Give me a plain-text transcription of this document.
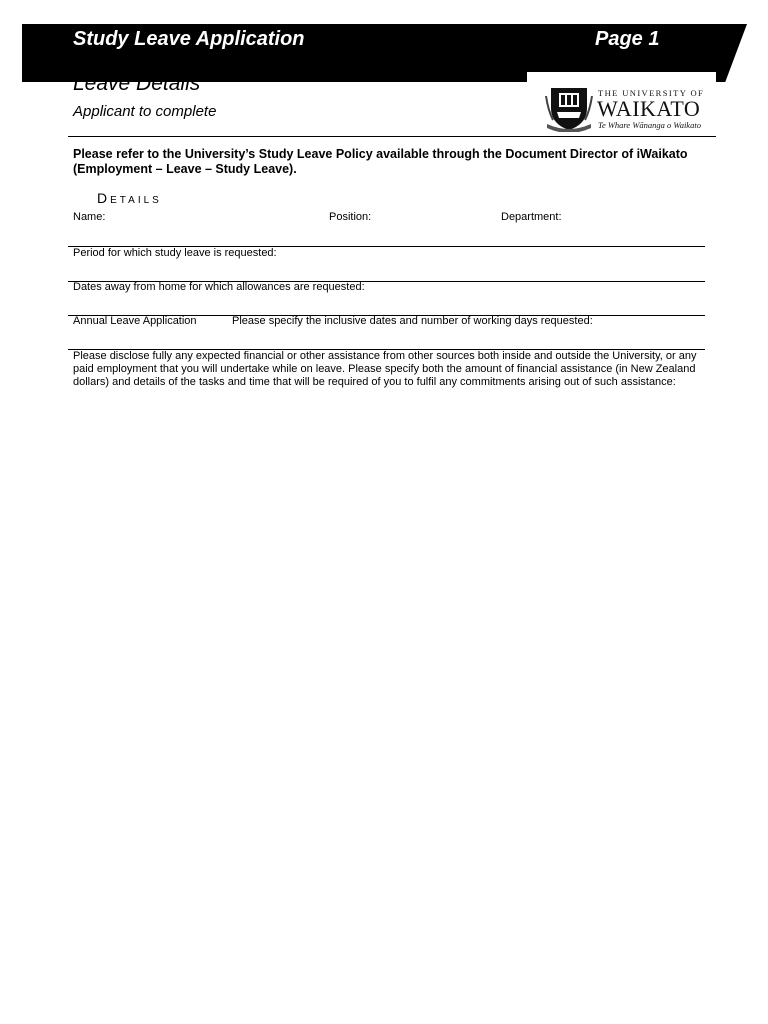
Study Leave Application	Page 1
Leave Details
Applicant to complete
THE UNIVERSITY OF
WAIKATO
Te Whare Wānanga o Waikato
Please refer to the University’s Study Leave Policy available through the Document Director of iWaikato (Employment – Leave – Study Leave).
Details
Name:	Position:	Department:
Period for which study leave is requested:
Dates away from home for which allowances are requested:
Annual Leave Application	Please specify the inclusive dates and number of working days requested:
Please disclose fully any expected financial or other assistance from other sources both inside and outside the University, or any paid employment that you will undertake while on leave. Please specify both the amount of financial assistance (in New Zealand dollars) and details of the tasks and time that will be required of you to fulfil any commitments arising out of such assistance:
